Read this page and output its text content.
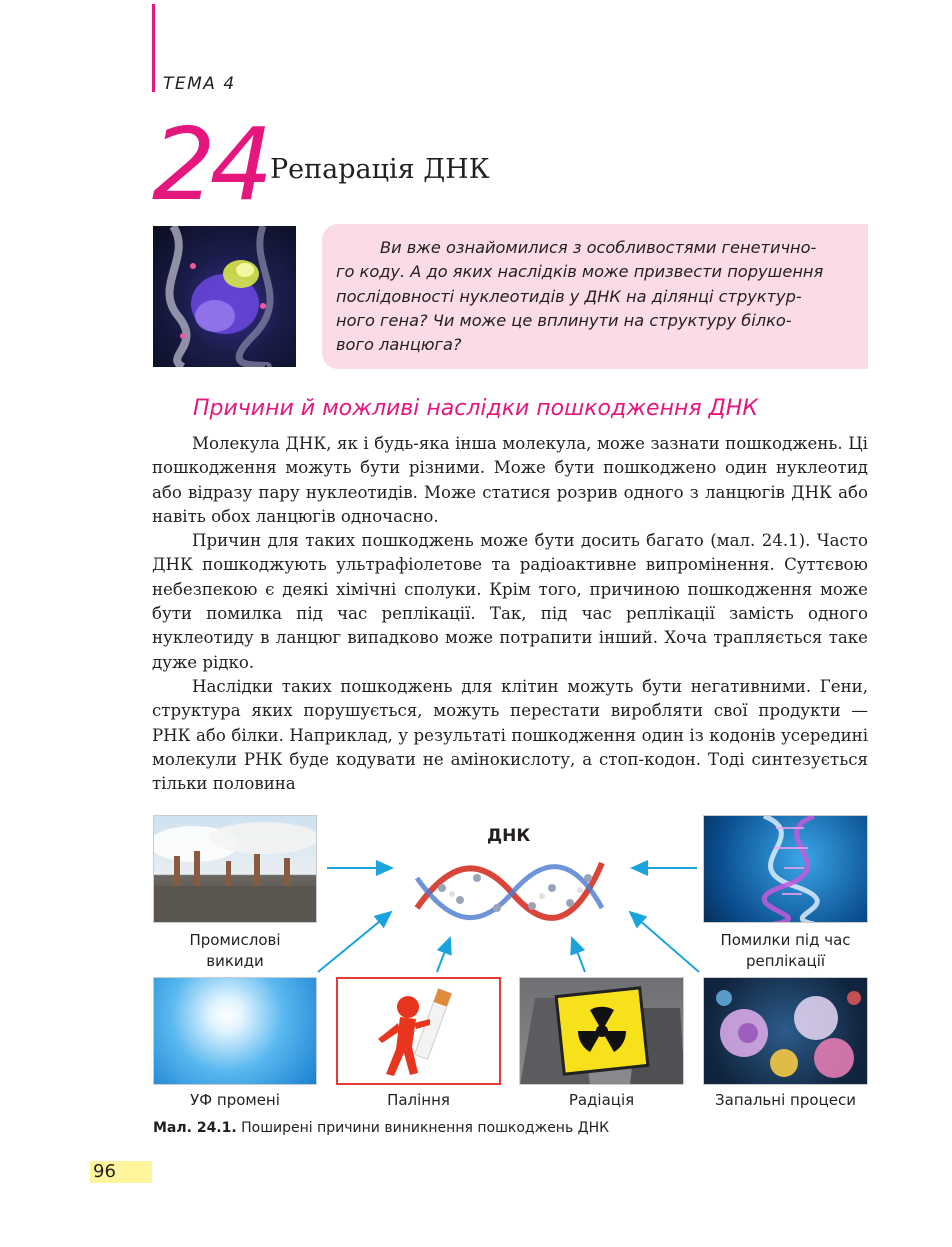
ТЕМА 4
24 Репарація ДНК
Ви вже ознайомилися з особливостями генетично-
го коду. А до яких наслідків може призвести порушення
послідовності нуклеотидів у ДНК на ділянці структур-
ного гена? Чи може це вплинути на структуру білко-
вого ланцюга?
Причини й можливі наслідки пошкодження ДНК

Молекула ДНК, як і будь-яка інша молекула, може зазнати пошкоджень. Ці пошкодження можуть бути різними. Може бути пошкоджено один нуклеотид або відразу пару нуклеотидів. Може статися розрив одного з ланцюгів ДНК або навіть обох ланцюгів одночасно.

Причин для таких пошкоджень може бути досить багато (мал. 24.1). Часто ДНК пошкоджують ультрафіолетове та радіоактивне випромінення. Суттєвою небезпекою є деякі хімічні сполуки. Крім того, причиною пошкодження може бути помилка під час реплікації. Так, під час реплікації замість одного нуклеотиду в ланцюг випадково може потрапити інший. Хоча трапляється таке дуже рідко.

Наслідки таких пошкоджень для клітин можуть бути негативними. Гени, структура яких порушується, можуть перестати виробляти свої продукти — РНК або білки. Наприклад, у результаті пошкодження один із кодонів усередині молекули РНК буде кодувати не амінокислоту, а стоп-кодон. Тоді синтезується тільки половина

ДНК
Промислові
викиди
Помилки під час
реплікації
УФ промені	Паління	Радіація	Запальні процеси
Мал. 24.1. Поширені причини виникнення пошкоджень ДНК
96
